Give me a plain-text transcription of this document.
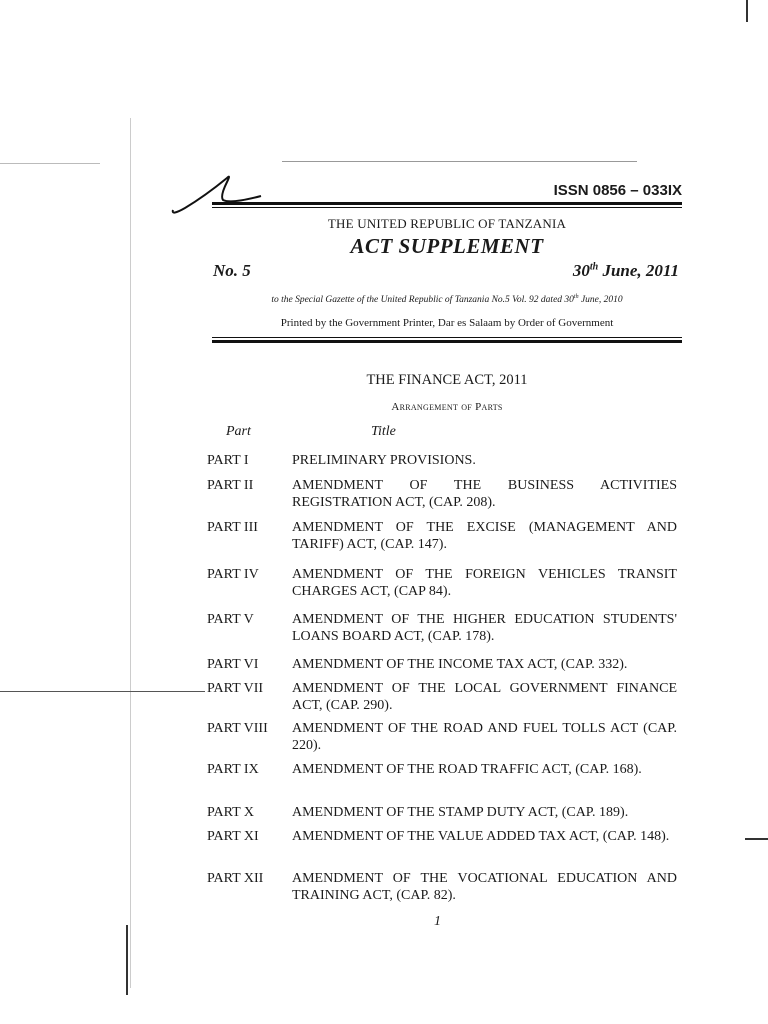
ISSN 0856 – 033IX
THE UNITED REPUBLIC OF TANZANIA
ACT SUPPLEMENT
No. 5	30th June, 2011
to the Special Gazette of the United Republic of Tanzania No.5 Vol. 92 dated 30th June, 2010
Printed by the Government Printer, Dar es Salaam by Order of Government
THE FINANCE ACT, 2011
Arrangement of Parts
Part	Title
PART I	PRELIMINARY PROVISIONS.
PART II	AMENDMENT OF THE BUSINESS ACTIVITIES REGISTRATION ACT, (CAP. 208).
PART III AMENDMENT OF THE EXCISE (MANAGEMENT AND TARIFF) ACT, (CAP. 147).
PART IV AMENDMENT OF THE FOREIGN VEHICLES TRANSIT CHARGES ACT, (CAP 84).
PART V	AMENDMENT OF THE HIGHER EDUCATION STUDENTS' LOANS BOARD ACT, (CAP. 178).
PART VI AMENDMENT OF THE INCOME TAX ACT, (CAP. 332).
PART VII AMENDMENT OF THE LOCAL GOVERNMENT FINANCE ACT, (CAP. 290).
PART VIII AMENDMENT OF THE ROAD AND FUEL TOLLS ACT (CAP. 220).
PART IX AMENDMENT OF THE ROAD TRAFFIC ACT, (CAP. 168).
PART X	AMENDMENT OF THE STAMP DUTY ACT, (CAP. 189).
PART XI AMENDMENT OF THE VALUE ADDED TAX ACT, (CAP. 148).
PART XII AMENDMENT OF THE VOCATIONAL EDUCATION AND TRAINING ACT, (CAP. 82).
1
